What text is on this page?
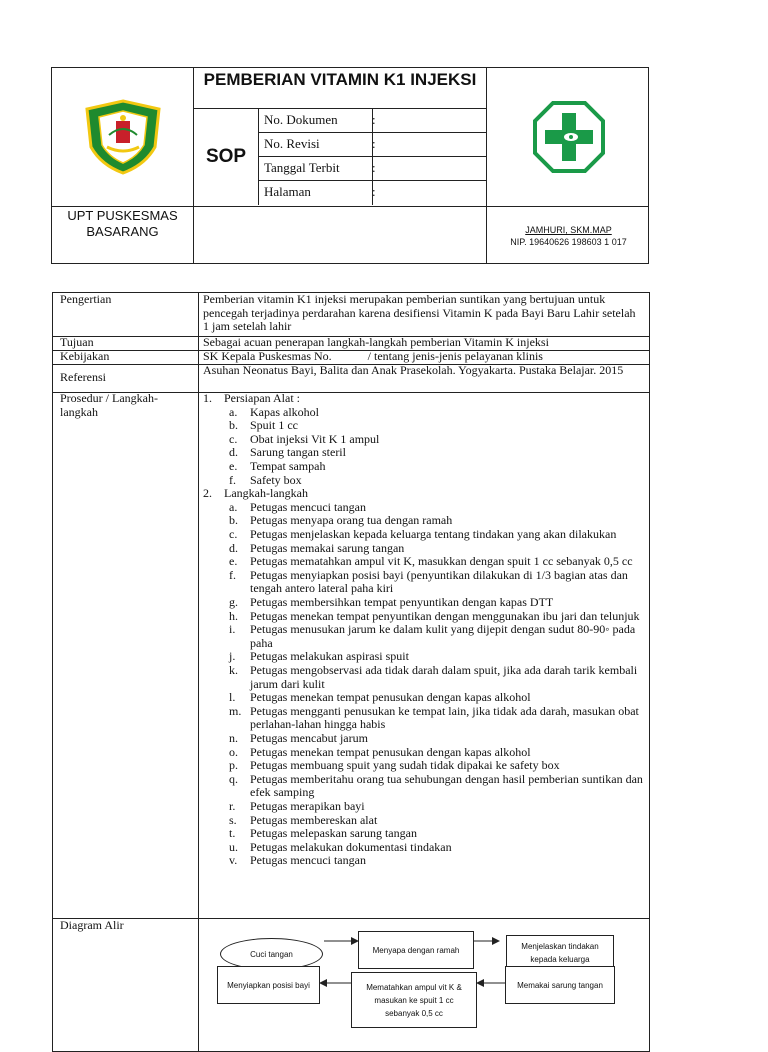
UPT PUSKESMAS BASARANG
PEMBERIAN VITAMIN K1 INJEKSI
SOP
No. Dokumen	:
No. Revisi	:
Tanggal Terbit :
Halaman	:
JAMHURI, SKM.MAP
NIP. 19640626 198603 1 017
Pengertian	Pemberian vitamin K1 injeksi merupakan pemberian suntikan yang bertujuan untuk pencegah terjadinya perdarahan karena desifiensi Vitamin K pada Bayi Baru Lahir setelah 1 jam setelah lahir
Tujuan	Sebagai acuan penerapan langkah-langkah pemberian Vitamin K injeksi
Kebijakan	SK Kepala Puskesmas No.            / tentang jenis-jenis pelayanan klinis
Referensi	Asuhan Neonatus Bayi, Balita dan Anak Prasekolah. Yogyakarta. Pustaka Belajar. 2015
Prosedur / Langkah-langkah
1. Persiapan Alat :
a. Kapas alkohol
b. Spuit 1 cc
c. Obat injeksi Vit K 1 ampul
d. Sarung tangan steril
e. Tempat sampah
f. Safety box
2. Langkah-langkah
a. Petugas mencuci tangan
b. Petugas menyapa orang tua dengan ramah
c. Petugas menjelaskan kepada keluarga tentang tindakan yang akan dilakukan
d. Petugas memakai sarung tangan
e. Petugas mematahkan ampul vit K, masukkan dengan spuit 1 cc sebanyak 0,5 cc
f. Petugas menyiapkan posisi bayi (penyuntikan dilakukan di 1/3 bagian atas dan tengah antero lateral paha kiri
g. Petugas membersihkan tempat penyuntikan dengan kapas DTT
h. Petugas menekan tempat penyuntikan dengan menggunakan ibu jari dan telunjuk
i. Petugas menusukan jarum ke dalam kulit yang dijepit dengan sudut 80-90◦ pada paha
j. Petugas melakukan aspirasi spuit
k. Petugas mengobservasi ada tidak darah dalam spuit, jika ada darah tarik kembali jarum dari kulit
l. Petugas menekan tempat penusukan dengan kapas alkohol
m. Petugas mengganti penusukan ke tempat lain, jika tidak ada darah, masukan obat perlahan-lahan hingga habis
n. Petugas mencabut jarum
o. Petugas menekan tempat penusukan dengan kapas alkohol
p. Petugas membuang spuit yang sudah tidak dipakai ke safety box
q. Petugas memberitahu orang tua sehubungan dengan hasil pemberian suntikan dan efek samping
r. Petugas merapikan bayi
s. Petugas membereskan alat
t. Petugas melepaskan sarung tangan
u. Petugas melakukan dokumentasi tindakan
v. Petugas mencuci tangan
Diagram Alir
Cuci tangan	Menyapa dengan ramah	Menjelaskan tindakan kepada keluarga
Memakai sarung tangan
Mematahkan ampul vit K & masukan ke spuit 1 cc sebanyak 0,5 cc
Menyiapkan posisi bayi
